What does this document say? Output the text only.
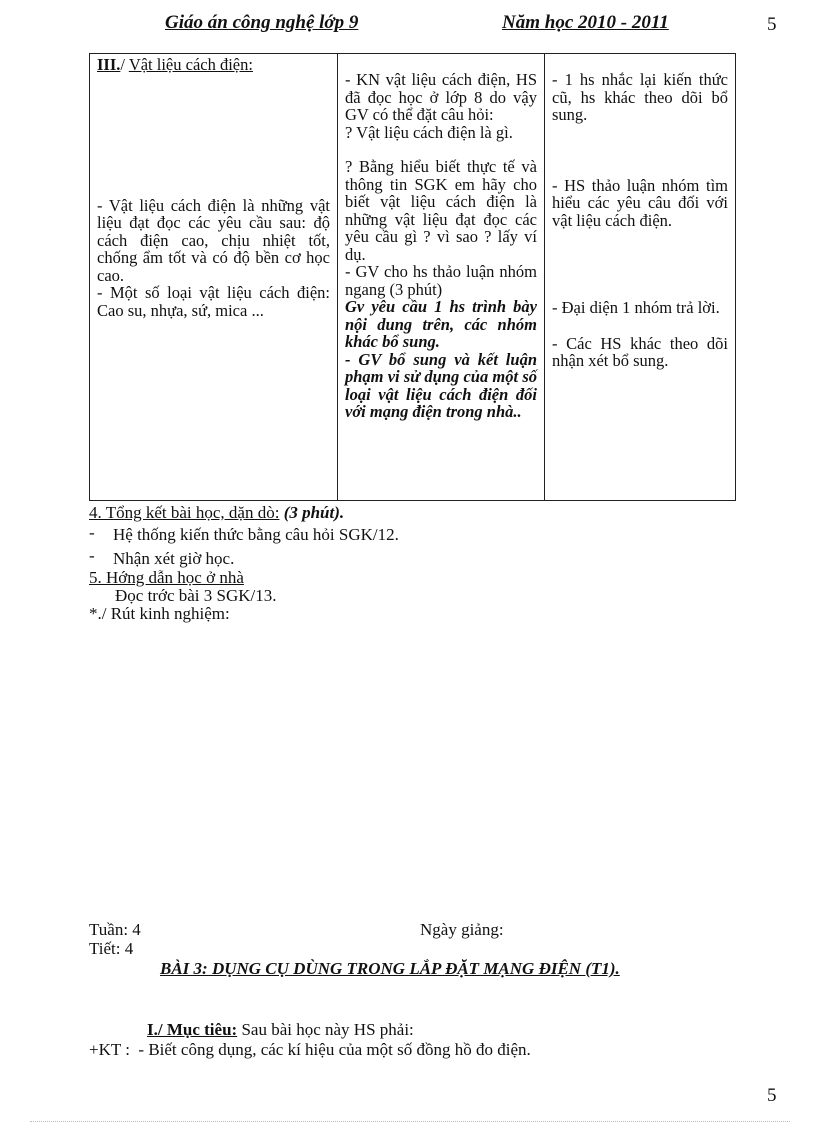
Giáo án công nghệ lớp 9	Năm học 2010 - 2011	5
III./ Vật liệu cách điện:
- Vật liệu cách điện là những vật liệu đạt đọc các yêu cầu sau: độ cách điện cao, chịu nhiệt tốt, chống ẩm tốt và có độ bền cơ học cao.
- Một số loại vật liệu cách điện: Cao su, nhựa, sứ, mica ...

- KN vật liệu cách điện, HS đã đọc học ở lớp 8 do vậy GV có thể đặt câu hỏi:
? Vật liệu cách điện là gì.
? Bằng hiểu biết thực tế và thông tin SGK em hãy cho biết vật liệu cách điện là những vật liệu đạt đọc các yêu cầu gì ? vì sao ? lấy ví dụ.
- GV cho hs thảo luận nhóm ngang (3 phút)
Gv yêu cầu 1 hs trình bày nội dung trên, các nhóm khác bổ sung.
- GV bổ sung và kết luận phạm vi sử dụng của một số loại vật liệu cách điện đối với mạng điện trong nhà..

- 1 hs nhắc lại kiến thức cũ, hs khác theo dõi bổ sung.
- HS thảo luận nhóm tìm hiểu các yêu câu đối với vật liệu cách điện.
- Đại diện 1 nhóm trả lời.
- Các HS khác theo dõi nhận xét bổ sung.
4. Tổng kết bài học, dặn dò: (3 phút).
- Hệ thống kiến thức bằng câu hỏi SGK/12.
- Nhận xét giờ học.
5. Hớng dẫn học ở nhà
Đọc trớc bài 3 SGK/13.
*./ Rút kinh nghiệm:
Tuần: 4	Ngày giảng:
Tiết: 4
BÀI 3: DỤNG CỤ DÙNG TRONG LẮP ĐẶT MẠNG ĐIỆN (T1).
I./ Mục tiêu: Sau bài học này HS phải:
+KT :  - Biết công dụng, các kí hiệu của một số đồng hồ đo điện.
5
